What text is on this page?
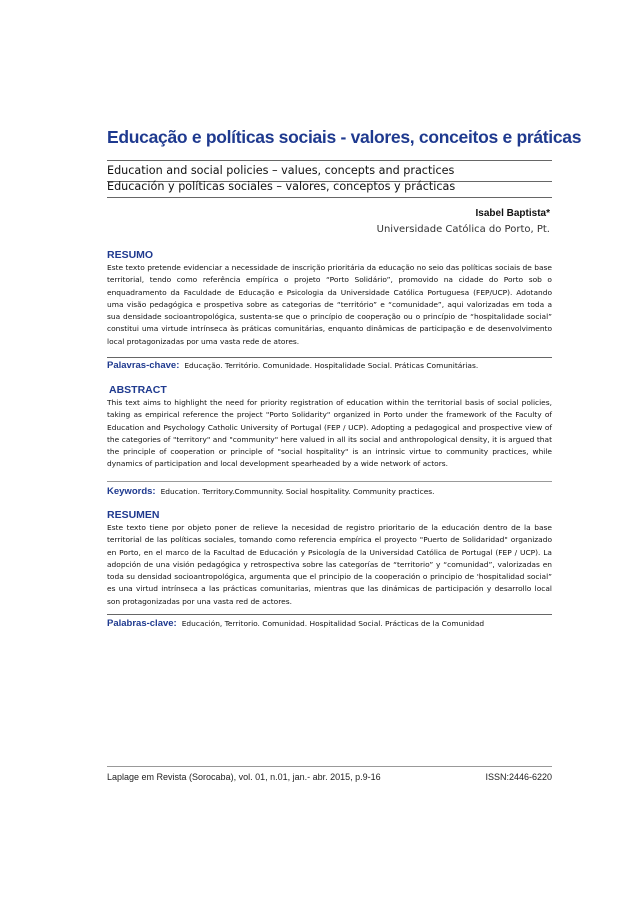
Educação e políticas sociais - valores, conceitos e práticas
Education and social policies – values, concepts and practices
Educación y políticas sociales – valores, conceptos y prácticas
Isabel Baptista*
Universidade Católica do Porto, Pt.
RESUMO
Este texto pretende evidenciar a necessidade de inscrição prioritária da educação no seio das políticas sociais de base territorial, tendo como referência empírica o projeto “Porto Solidário”, promovido na cidade do Porto sob o enquadramento da Faculdade de Educação e Psicologia da Universidade Católica Portuguesa (FEP/UCP). Adotando uma visão pedagógica e prospetiva sobre as categorias de “território” e “comunidade”, aqui valorizadas em toda a sua densidade socioantropológica, sustenta-se que o princípio de cooperação ou o princípio de “hospitalidade social” constitui uma virtude intrínseca às práticas comunitárias, enquanto dinâmicas de participação e de desenvolvimento local protagonizadas por uma vasta rede de atores.
Palavras-chave: Educação. Território. Comunidade. Hospitalidade Social. Práticas Comunitárias.
ABSTRACT
This text aims to highlight the need for priority registration of education within the territorial basis of social policies, taking as empirical reference the project "Porto Solidarity" organized in Porto under the framework of the Faculty of Education and Psychology Catholic University of Portugal (FEP / UCP). Adopting a pedagogical and prospective view of the categories of "territory" and "community" here valued in all its social and anthropological density, it is argued that the principle of cooperation or principle of "social hospitality" is an intrinsic virtue to community practices, while dynamics of participation and local development spearheaded by a wide network of actors.
Keywords: Education. Territory.Communnity. Social hospitality. Community practices.
RESUMEN
Este texto tiene por objeto poner de relieve la necesidad de registro prioritario de la educación dentro de la base territorial de las políticas sociales, tomando como referencia empírica el proyecto "Puerto de Solidaridad" organizado en Porto, en el marco de la Facultad de Educación y Psicología de la Universidad Católica de Portugal (FEP / UCP). La adopción de una visión pedagógica y retrospectiva sobre las categorías de “territorio” y “comunidad”, valorizadas en toda su densidad socioantropológica, argumenta que el principio de la cooperación o principio de 'hospitalidad social” es una virtud intrínseca a las prácticas comunitarias, mientras que las dinámicas de participación y desarrollo local son protagonizadas por una vasta red de actores.
Palabras-clave: Educación, Territorio. Comunidad. Hospitalidad Social. Prácticas de la Comunidad
Laplage em Revista (Sorocaba), vol. 01, n.01, jan.- abr. 2015, p.9-16	ISSN:2446-6220
